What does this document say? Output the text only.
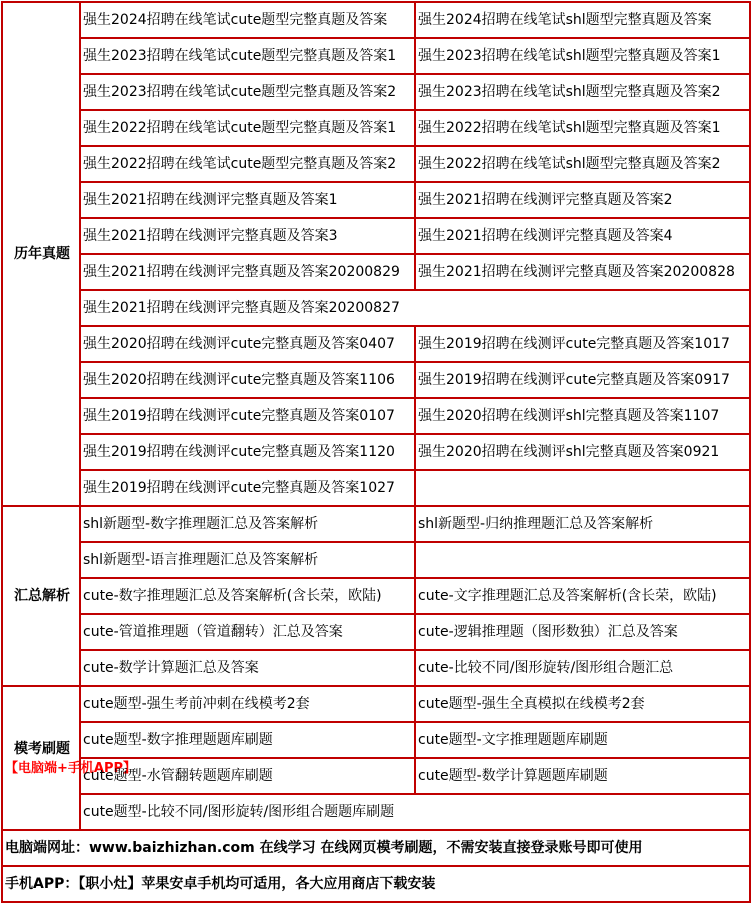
历年真题	强生2024招聘在线笔试cute题型完整真题及答案	强生2024招聘在线笔试shl题型完整真题及答案
	强生2023招聘在线笔试cute题型完整真题及答案1	强生2023招聘在线笔试shl题型完整真题及答案1
	强生2023招聘在线笔试cute题型完整真题及答案2	强生2023招聘在线笔试shl题型完整真题及答案2
	强生2022招聘在线笔试cute题型完整真题及答案1	强生2022招聘在线笔试shl题型完整真题及答案1
	强生2022招聘在线笔试cute题型完整真题及答案2	强生2022招聘在线笔试shl题型完整真题及答案2
	强生2021招聘在线测评完整真题及答案1	强生2021招聘在线测评完整真题及答案2
	强生2021招聘在线测评完整真题及答案3	强生2021招聘在线测评完整真题及答案4
	强生2021招聘在线测评完整真题及答案20200829	强生2021招聘在线测评完整真题及答案20200828
	强生2021招聘在线测评完整真题及答案20200827	
	强生2020招聘在线测评cute完整真题及答案0407	强生2019招聘在线测评cute完整真题及答案1017
	强生2020招聘在线测评cute完整真题及答案1106	强生2019招聘在线测评cute完整真题及答案0917
	强生2019招聘在线测评cute完整真题及答案0107	强生2020招聘在线测评shl完整真题及答案1107
	强生2019招聘在线测评cute完整真题及答案1120	强生2020招聘在线测评shl完整真题及答案0921
	强生2019招聘在线测评cute完整真题及答案1027	

汇总解析	shl新题型-数字推理题汇总及答案解析	shl新题型-归纳推理题汇总及答案解析
	shl新题型-语言推理题汇总及答案解析	
	cute-数字推理题汇总及答案解析(含长荣，欧陆)	cute-文字推理题汇总及答案解析(含长荣，欧陆)
	cute-管道推理题（管道翻转）汇总及答案	cute-逻辑推理题（图形数独）汇总及答案
	cute-数学计算题汇总及答案	cute-比较不同/图形旋转/图形组合题汇总

模考刷题
【电脑端+手机APP】	cute题型-强生考前冲刺在线模考2套	cute题型-强生全真模拟在线模考2套
	cute题型-数字推理题题库刷题	cute题型-文字推理题题库刷题
	cute题型-水管翻转题题库刷题	cute题型-数学计算题题库刷题
	cute题型-比较不同/图形旋转/图形组合题题库刷题	
电脑端网址：www.baizhizhan.com 在线学习 在线网页模考刷题，不需安装直接登录账号即可使用		
手机APP：【职小灶】苹果安卓手机均可适用，各大应用商店下载安装		
